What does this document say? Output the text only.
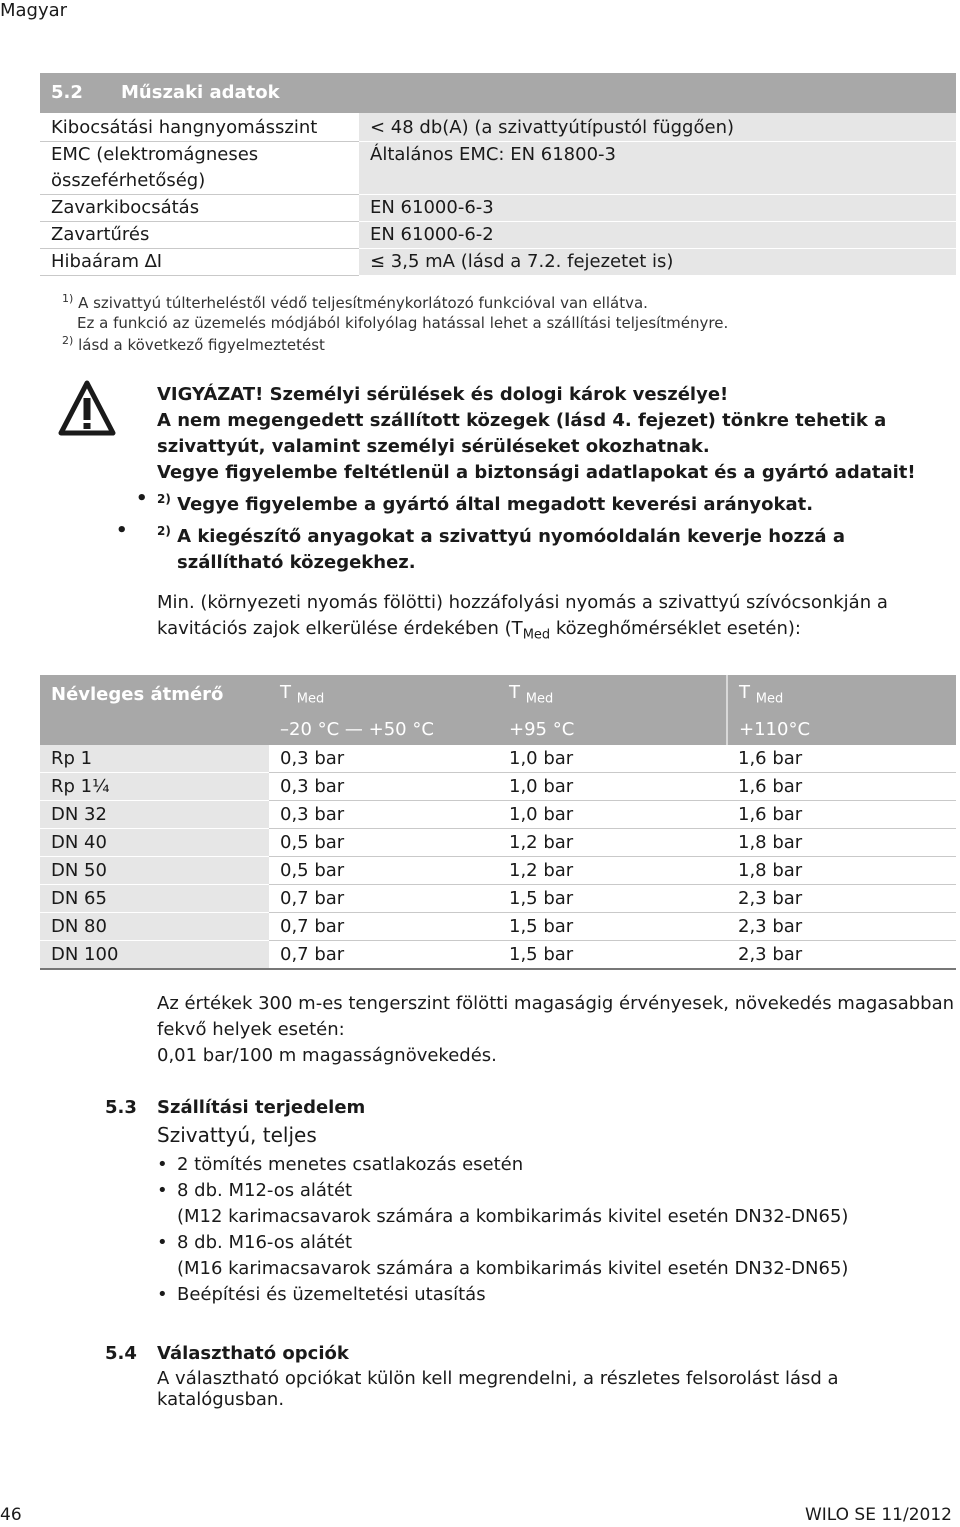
Magyar
5.2 Műszaki adatok	
Kibocsátási hangnyomásszint	< 48 db(A) (a szivattyútípustól függően)
EMC (elektromágneses összeférhetőség)	Általános EMC: EN 61800-3
Zavarkibocsátás	EN 61000-6-3
Zavartűrés	EN 61000-6-2
Hibaáram ∆I	≤ 3,5 mA (lásd a 7.2. fejezetet is)
$^{1)}$ A szivattyú túlterheléstől védő teljesítménykorlátozó funkcióval van ellátva.
Ez a funkció az üzemelés módjából kifolyólag hatással lehet a szállítási teljesítményre.
$^{2)}$ lásd a következő figyelmeztetést

VIGYÁZAT! Személyi sérülések és dologi károk veszélye!

A nem megengedett szállított közegek (lásd 4. fejezet) tönkre tehetik a szivattyút, valamint személyi sérüléseket okozhatnak.

Vegye figyelembe feltétlenül a biztonsági adatlapokat és a gyártó adatait!

• $^{2)}$ Vegye figyelembe a gyártó által megadott keverési arányokat.

• $^{2)}$ A kiegészítő anyagokat a szivattyú nyomóoldalán keverje hozzá a szállítható közegekhez.

Min. (környezeti nyomás fölötti) hozzáfolyási nyomás a szivattyú szívócsonkján a kavitációs zajok elkerülése érdekében ($T_{Med}$ közeghőmérséklet esetén):
Névleges átmérő	T $_{Med}$	T $_{Med}$	T $_{Med}$
	–20 °C — +50 °C	+95 °C	+110°C
Rp 1	0,3 bar	1,0 bar	1,6 bar
Rp 1¼	0,3 bar	1,0 bar	1,6 bar
DN 32	0,3 bar	1,0 bar	1,6 bar
DN 40	0,5 bar	1,2 bar	1,8 bar
DN 50	0,5 bar	1,2 bar	1,8 bar
DN 65	0,7 bar	1,5 bar	2,3 bar
DN 80	0,7 bar	1,5 bar	2,3 bar
DN 100	0,7 bar	1,5 bar	2,3 bar
Az értékek 300 m-es tengerszint fölötti magaságig érvényesek, növekedés magasabban fekvő helyek esetén:
0,01 bar/100 m magasságnövekedés.
5.3 Szállítási terjedelem
Szivattyú, teljes
• 2 tömítés menetes csatlakozás esetén
• 8 db. M12-os alátét
(M12 karimacsavarok számára a kombikarimás kivitel esetén DN32-DN65)
• 8 db. M16-os alátét
(M16 karimacsavarok számára a kombikarimás kivitel esetén DN32-DN65)
• Beépítési és üzemeltetési utasítás
5.4 Választható opciók
A választható opciókat külön kell megrendelni, a részletes felsorolást lásd a katalógusban.
46	WILO SE 11/2012
